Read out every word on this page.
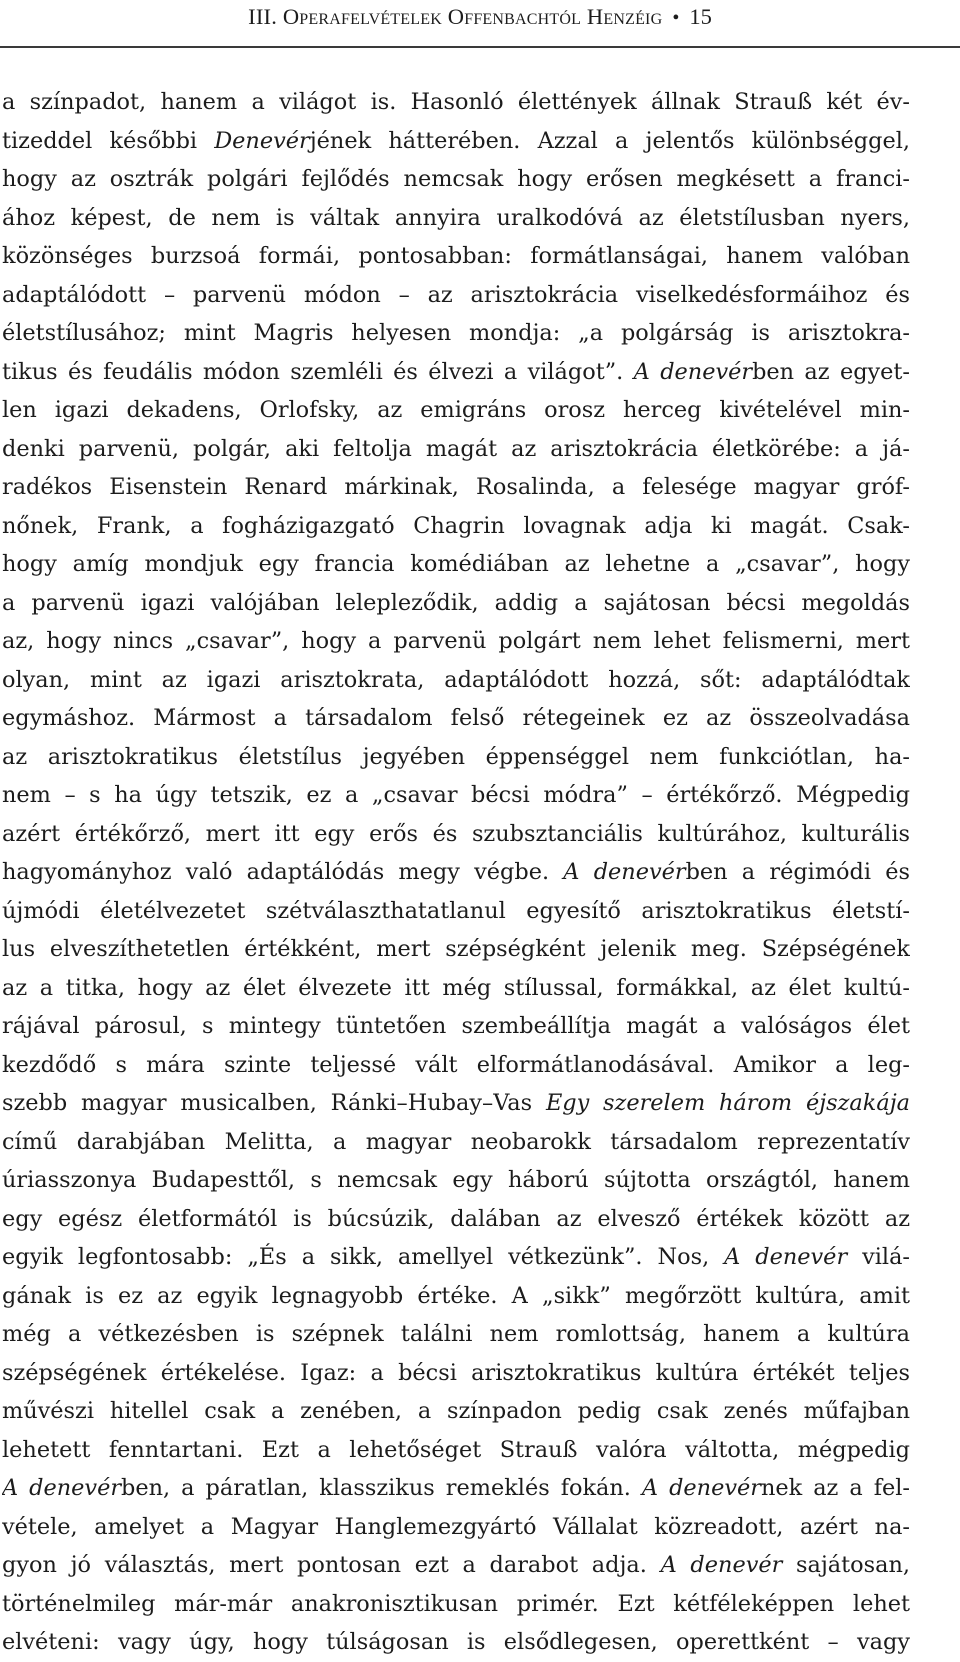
III. Operafelvételek Offenbachtól Henzéig • 15
a színpadot, hanem a világot is. Hasonló élettények állnak Strauß két év-
tizeddel későbbi Denevérjének hátterében. Azzal a jelentős különbséggel,
hogy az osztrák polgári fejlődés nemcsak hogy erősen megkésett a franci-
ához képest, de nem is váltak annyira uralkodóvá az életstílusban nyers,
közönséges burzsoá formái, pontosabban: formátlanságai, hanem valóban
adaptálódott – parvenü módon – az arisztokrácia viselkedésformáihoz és
életstílusához; mint Magris helyesen mondja: „a polgárság is arisztokra-
tikus és feudális módon szemléli és élvezi a világot”. A denevérben az egyet-
len igazi dekadens, Orlofsky, az emigráns orosz herceg kivételével min-
denki parvenü, polgár, aki feltolja magát az arisztokrácia életkörébe: a já-
radékos Eisenstein Renard márkinak, Rosalinda, a felesége magyar gróf-
nőnek, Frank, a fogházigazgató Chagrin lovagnak adja ki magát. Csak-
hogy amíg mondjuk egy francia komédiában az lehetne a „csavar”, hogy
a parvenü igazi valójában lelepleződik, addig a sajátosan bécsi megoldás
az, hogy nincs „csavar”, hogy a parvenü polgárt nem lehet felismerni, mert
olyan, mint az igazi arisztokrata, adaptálódott hozzá, sőt: adaptálódtak
egymáshoz. Mármost a társadalom felső rétegeinek ez az összeolvadása
az arisztokratikus életstílus jegyében éppenséggel nem funkciótlan, ha-
nem – s ha úgy tetszik, ez a „csavar bécsi módra” – értékőrző. Mégpedig
azért értékőrző, mert itt egy erős és szubsztanciális kultúrához, kulturális
hagyományhoz való adaptálódás megy végbe. A denevérben a régimódi és
újmódi életélvezetet szétválaszthatatlanul egyesítő arisztokratikus életstí-
lus elveszíthetetlen értékként, mert szépségként jelenik meg. Szépségének
az a titka, hogy az élet élvezete itt még stílussal, formákkal, az élet kultú-
rájával párosul, s mintegy tüntetően szembeállítja magát a valóságos élet
kezdődő s mára szinte teljessé vált elformátlanodásával. Amikor a leg-
szebb magyar musicalben, Ránki–Hubay–Vas Egy szerelem három éjszakája
című darabjában Melitta, a magyar neobarokk társadalom reprezentatív
úriasszonya Budapesttől, s nemcsak egy háború sújtotta országtól, hanem
egy egész életformától is búcsúzik, dalában az elvesző értékek között az
egyik legfontosabb: „És a sikk, amellyel vétkezünk”. Nos, A denevér vilá-
gának is ez az egyik legnagyobb értéke. A „sikk” megőrzött kultúra, amit
még a vétkezésben is szépnek találni nem romlottság, hanem a kultúra
szépségének értékelése. Igaz: a bécsi arisztokratikus kultúra értékét teljes
művészi hitellel csak a zenében, a színpadon pedig csak zenés műfajban
lehetett fenntartani. Ezt a lehetőséget Strauß valóra váltotta, mégpedig
A denevérben, a páratlan, klasszikus remeklés fokán. A denevérnek az a fel-
vétele, amelyet a Magyar Hanglemezgyártó Vállalat közreadott, azért na-
gyon jó választás, mert pontosan ezt a darabot adja. A denevér sajátosan,
történelmileg már-már anakronisztikusan primér. Ezt kétféleképpen lehet
elvéteni: vagy úgy, hogy túlságosan is elsődlegesen, operettként – vagy
